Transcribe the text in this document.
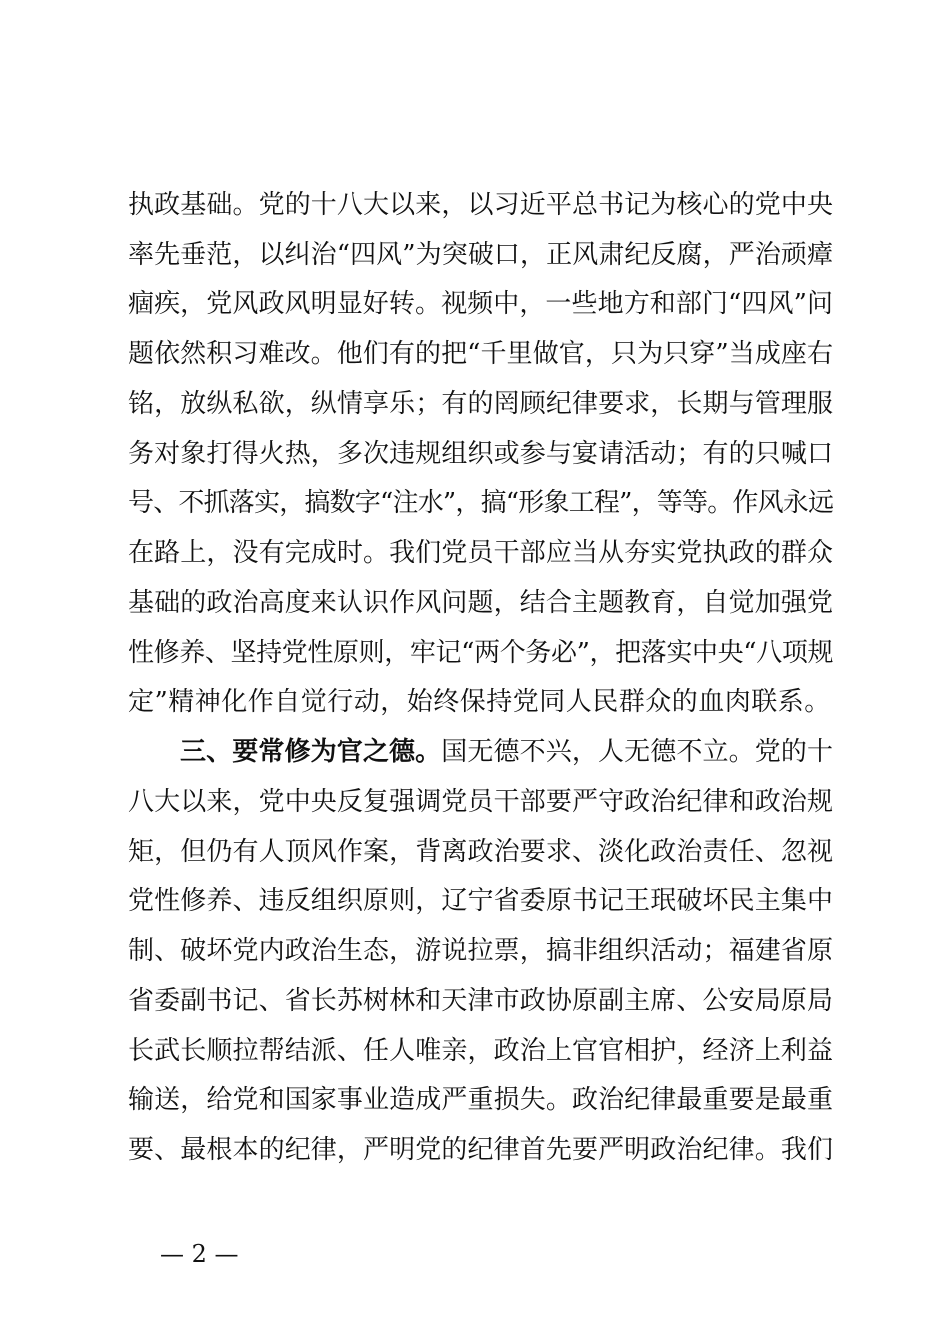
执政基础。党的十八大以来，以习近平总书记为核心的党中央
率先垂范，以纠治“四风”为突破口，正风肃纪反腐，严治顽瘴
痼疾，党风政风明显好转。视频中，一些地方和部门“四风”问
题依然积习难改。他们有的把“千里做官，只为只穿”当成座右
铭，放纵私欲，纵情享乐；有的罔顾纪律要求，长期与管理服
务对象打得火热，多次违规组织或参与宴请活动；有的只喊口
号、不抓落实，搞数字“注水”，搞“形象工程”，等等。作风永远
在路上，没有完成时。我们党员干部应当从夯实党执政的群众
基础的政治高度来认识作风问题，结合主题教育，自觉加强党
性修养、坚持党性原则，牢记“两个务必”，把落实中央“八项规
定”精神化作自觉行动，始终保持党同人民群众的血肉联系。
三、要常修为官之德。国无德不兴，人无德不立。党的十
八大以来，党中央反复强调党员干部要严守政治纪律和政治规
矩，但仍有人顶风作案，背离政治要求、淡化政治责任、忽视
党性修养、违反组织原则，辽宁省委原书记王珉破坏民主集中
制、破坏党内政治生态，游说拉票，搞非组织活动；福建省原
省委副书记、省长苏树林和天津市政协原副主席、公安局原局
长武长顺拉帮结派、任人唯亲，政治上官官相护，经济上利益
输送，给党和国家事业造成严重损失。政治纪律最重要是最重
要、最根本的纪律，严明党的纪律首先要严明政治纪律。我们
— 2 —
